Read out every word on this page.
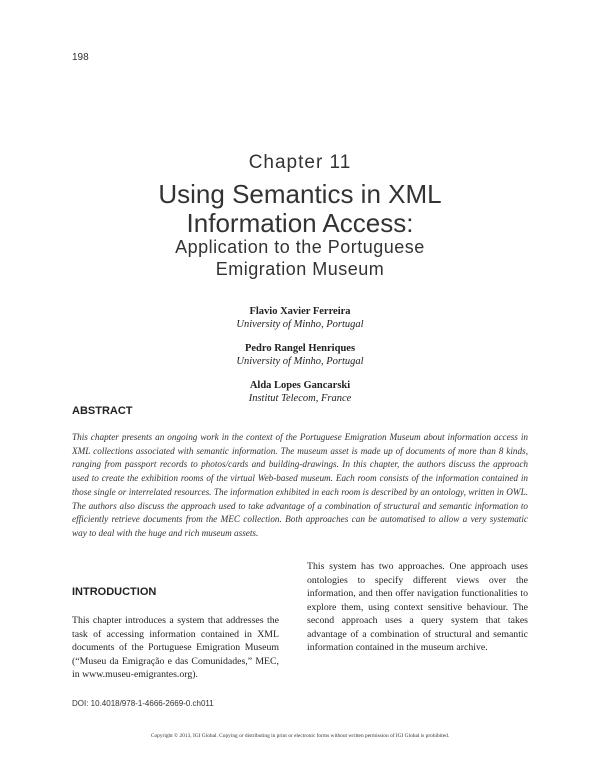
198
Chapter 11
Using Semantics in XML
Information Access:
Application to the Portuguese
Emigration Museum
Flavio Xavier Ferreira
University of Minho, Portugal
Pedro Rangel Henriques
University of Minho, Portugal
Alda Lopes Gancarski
Institut Telecom, France
ABSTRACT
This chapter presents an ongoing work in the context of the Portuguese Emigration Museum about information access in XML collections associated with semantic information. The museum asset is made up of documents of more than 8 kinds, ranging from passport records to photos/cards and building-drawings. In this chapter, the authors discuss the approach used to create the exhibition rooms of the virtual Web-based museum. Each room consists of the information contained in those single or interrelated resources. The information exhibited in each room is described by an ontology, written in OWL. The authors also discuss the approach used to take advantage of a combination of structural and semantic information to efficiently retrieve documents from the MEC collection. Both approaches can be automatised to allow a very systematic way to deal with the huge and rich museum assets.
INTRODUCTION
This chapter introduces a system that addresses the task of accessing information contained in XML documents of the Portuguese Emigration Museum (“Museu da Emigração e das Comunidades,” MEC, in www.museu-emigrantes.org).
This system has two approaches. One approach uses ontologies to specify different views over the information, and then offer navigation functionalities to explore them, using context sensitive behaviour. The second approach uses a query system that takes advantage of a combination of structural and semantic information contained in the museum archive.
DOI: 10.4018/978-1-4666-2669-0.ch011
Copyright © 2013, IGI Global. Copying or distributing in print or electronic forms without written permission of IGI Global is prohibited.
